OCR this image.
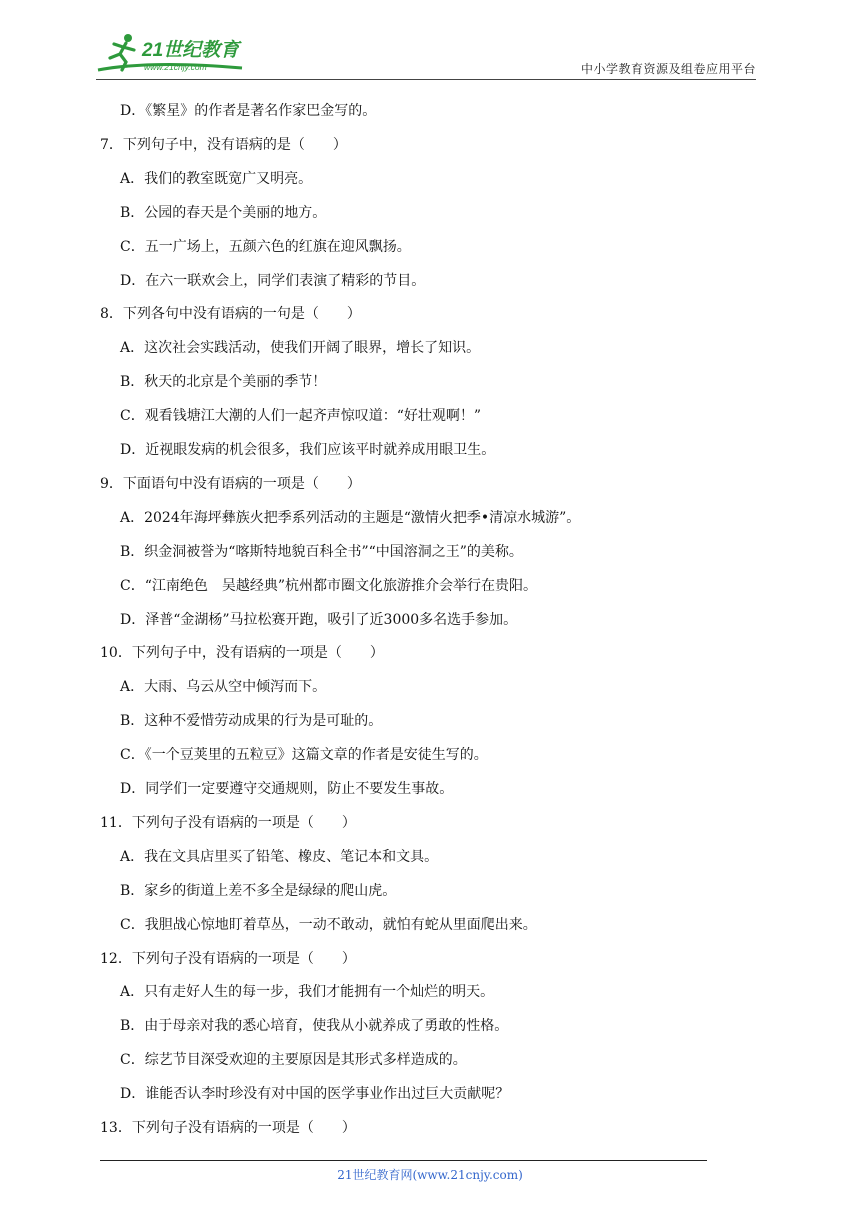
21世纪教育
www.21cnjy.com	中小学教育资源及组卷应用平台
D．《繁星》的作者是著名作家巴金写的。
7．下列句子中，没有语病的是（　　）
A．我们的教室既宽广又明亮。
B．公园的春天是个美丽的地方。
C．五一广场上，五颜六色的红旗在迎风飘扬。
D．在六一联欢会上，同学们表演了精彩的节目。
8．下列各句中没有语病的一句是（　　）
A．这次社会实践活动，使我们开阔了眼界，增长了知识。
B．秋天的北京是个美丽的季节！
C．观看钱塘江大潮的人们一起齐声惊叹道：“好壮观啊！”
D．近视眼发病的机会很多，我们应该平时就养成用眼卫生。
9．下面语句中没有语病的一项是（　　）
A．2024年海坪彝族火把季系列活动的主题是“激情火把季•清凉水城游”。
B．织金洞被誉为“喀斯特地貌百科全书”“中国溶洞之王”的美称。
C．“江南绝色　吴越经典”杭州都市圈文化旅游推介会举行在贵阳。
D．泽普“金湖杨”马拉松赛开跑，吸引了近3000多名选手参加。
10．下列句子中，没有语病的一项是（　　）
A．大雨、乌云从空中倾泻而下。
B．这种不爱惜劳动成果的行为是可耻的。
C．《一个豆荚里的五粒豆》这篇文章的作者是安徒生写的。
D．同学们一定要遵守交通规则，防止不要发生事故。
11．下列句子没有语病的一项是（　　）
A．我在文具店里买了铅笔、橡皮、笔记本和文具。
B．家乡的街道上差不多全是绿绿的爬山虎。
C．我胆战心惊地盯着草丛，一动不敢动，就怕有蛇从里面爬出来。
12．下列句子没有语病的一项是（　　）
A．只有走好人生的每一步，我们才能拥有一个灿烂的明天。
B．由于母亲对我的悉心培育，使我从小就养成了勇敢的性格。
C．综艺节目深受欢迎的主要原因是其形式多样造成的。
D．谁能否认李时珍没有对中国的医学事业作出过巨大贡献呢？
13．下列句子没有语病的一项是（　　）
21世纪教育网(www.21cnjy.com)
